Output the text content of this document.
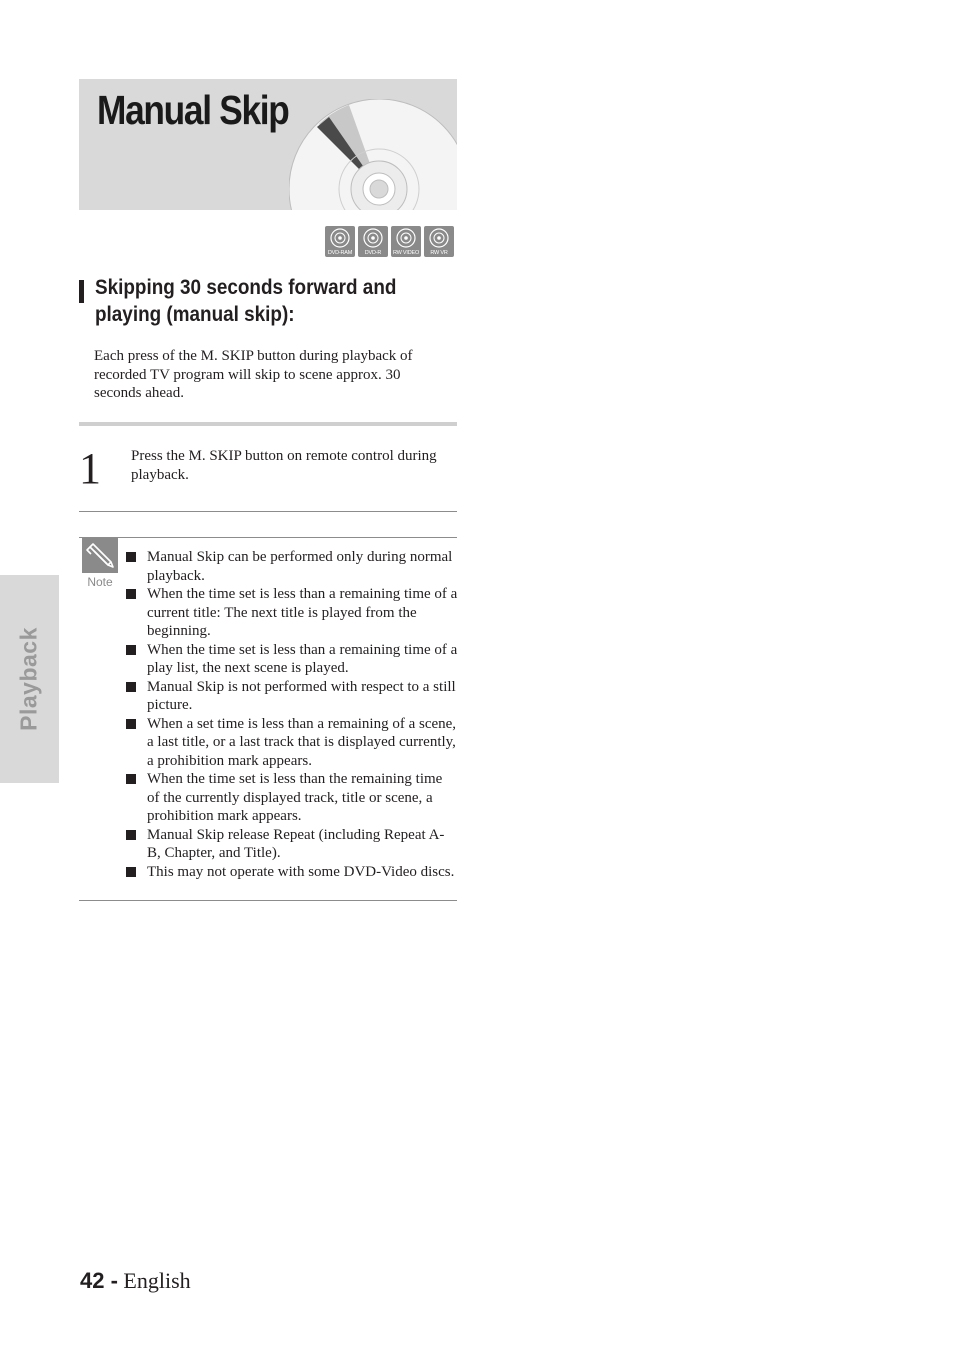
Manual Skip
DVD-RAM	DVD-R	RW VIDEO	RW VR
Skipping 30 seconds forward and
playing (manual skip):

Each press of the M. SKIP button during playback of recorded TV program will skip to scene approx. 30 seconds ahead.

1 Press the M. SKIP button on remote control during playback.

Note
Manual Skip can be performed only during normal playback.
When the time set is less than a remaining time of a current title: The next title is played from the beginning.
When the time set is less than a remaining time of a play list, the next scene is played.
Manual Skip is not performed with respect to a still picture.
When a set time is less than a remaining of a scene, a last title, or a last track that is displayed currently, a prohibition mark appears.
When the time set is less than the remaining time of the currently displayed track, title or scene, a prohibition mark appears.
Manual Skip release Repeat (including Repeat A-B, Chapter, and Title).
This may not operate with some DVD-Video discs.
Playback
42 - English
